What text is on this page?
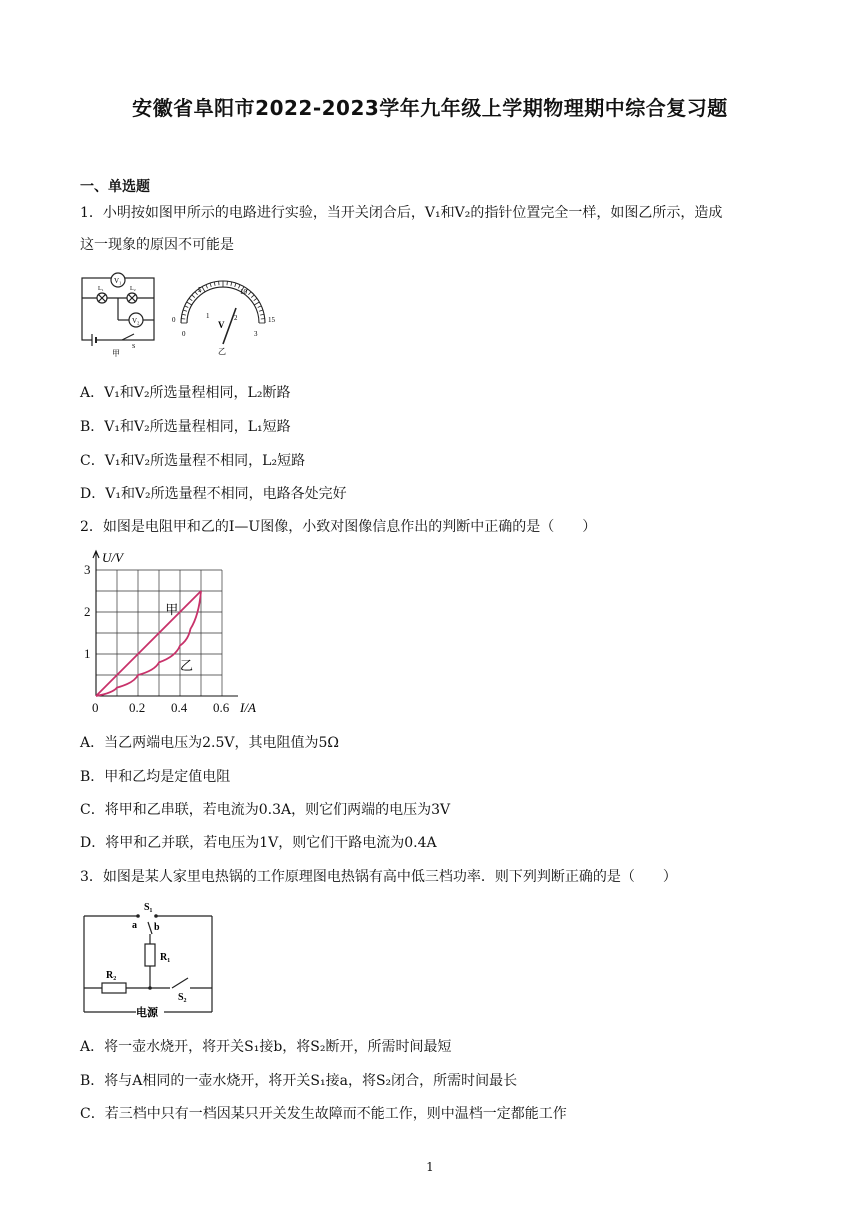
安徽省阜阳市2022-2023学年九年级上学期物理期中综合复习题
一、单选题
1．小明按如图甲所示的电路进行实验，当开关闭合后，V₁和V₂的指针位置完全一样，如图乙所示，造成
这一现象的原因不可能是
V₁
V₂
L₁	L₂
S
甲
0
5	10
15
0
1	2
3
V
乙
A．V₁和V₂所选量程相同，L₂断路
B．V₁和V₂所选量程相同，L₁短路
C．V₁和V₂所选量程不相同，L₂短路
D．V₁和V₂所选量程不相同，电路各处完好
2．如图是电阻甲和乙的I—U图像，小致对图像信息作出的判断中正确的是（　　）
0 0.2 0.4 0.6
1
2
3
I/A
U/V
甲
乙
A．当乙两端电压为2.5V，其电阻值为5Ω
B．甲和乙均是定值电阻
C．将甲和乙串联，若电流为0.3A，则它们两端的电压为3V
D．将甲和乙并联，若电压为1V，则它们干路电流为0.4A
3．如图是某人家里电热锅的工作原理图电热锅有高中低三档功率．则下列判断正确的是（　　）
S₁
a b
R₁
R₂
S₂
电源
A．将一壶水烧开，将开关S₁接b，将S₂断开，所需时间最短
B．将与A相同的一壶水烧开，将开关S₁接a，将S₂闭合，所需时间最长
C．若三档中只有一档因某只开关发生故障而不能工作，则中温档一定都能工作
1
